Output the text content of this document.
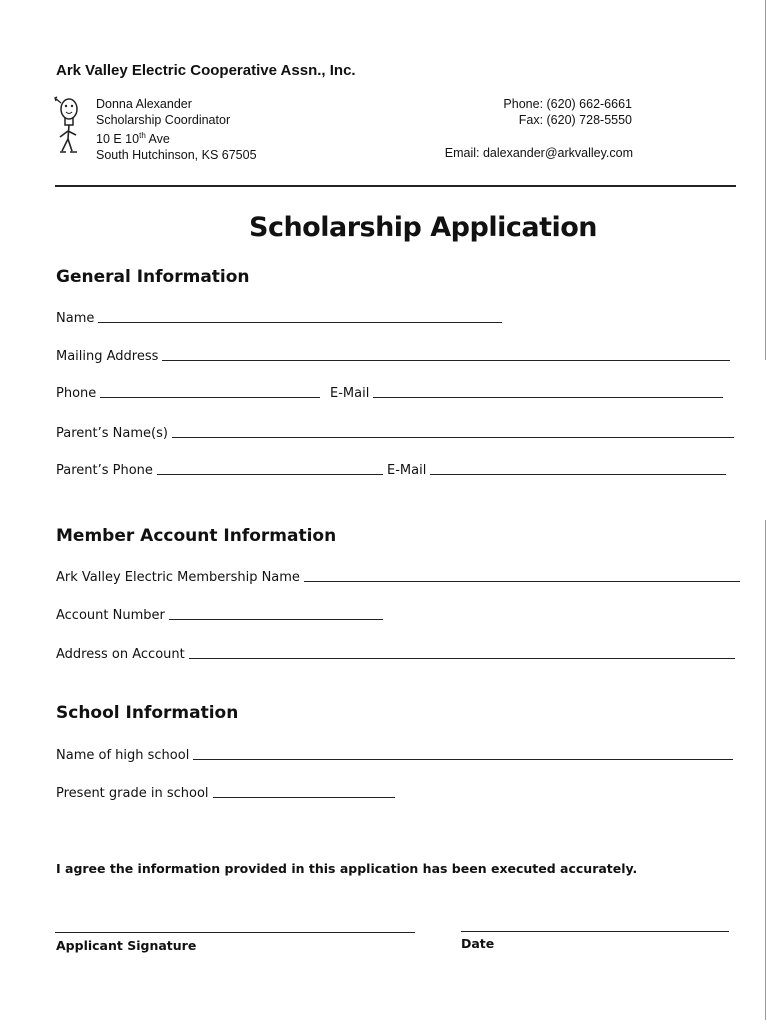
Ark Valley Electric Cooperative Assn., Inc.
Donna Alexander
Scholarship Coordinator
10 E 10th Ave
South Hutchinson, KS 67505
Phone: (620) 662-6661
Fax: (620) 728-5550
Email: dalexander@arkvalley.com
Scholarship Application
General Information
Name
Mailing Address
Phone	E-Mail
Parent’s Name(s)
Parent’s Phone	E-Mail
Member Account Information
Ark Valley Electric Membership Name
Account Number
Address on Account
School Information
Name of high school
Present grade in school
I agree the information provided in this application has been executed accurately.
Applicant Signature	Date
